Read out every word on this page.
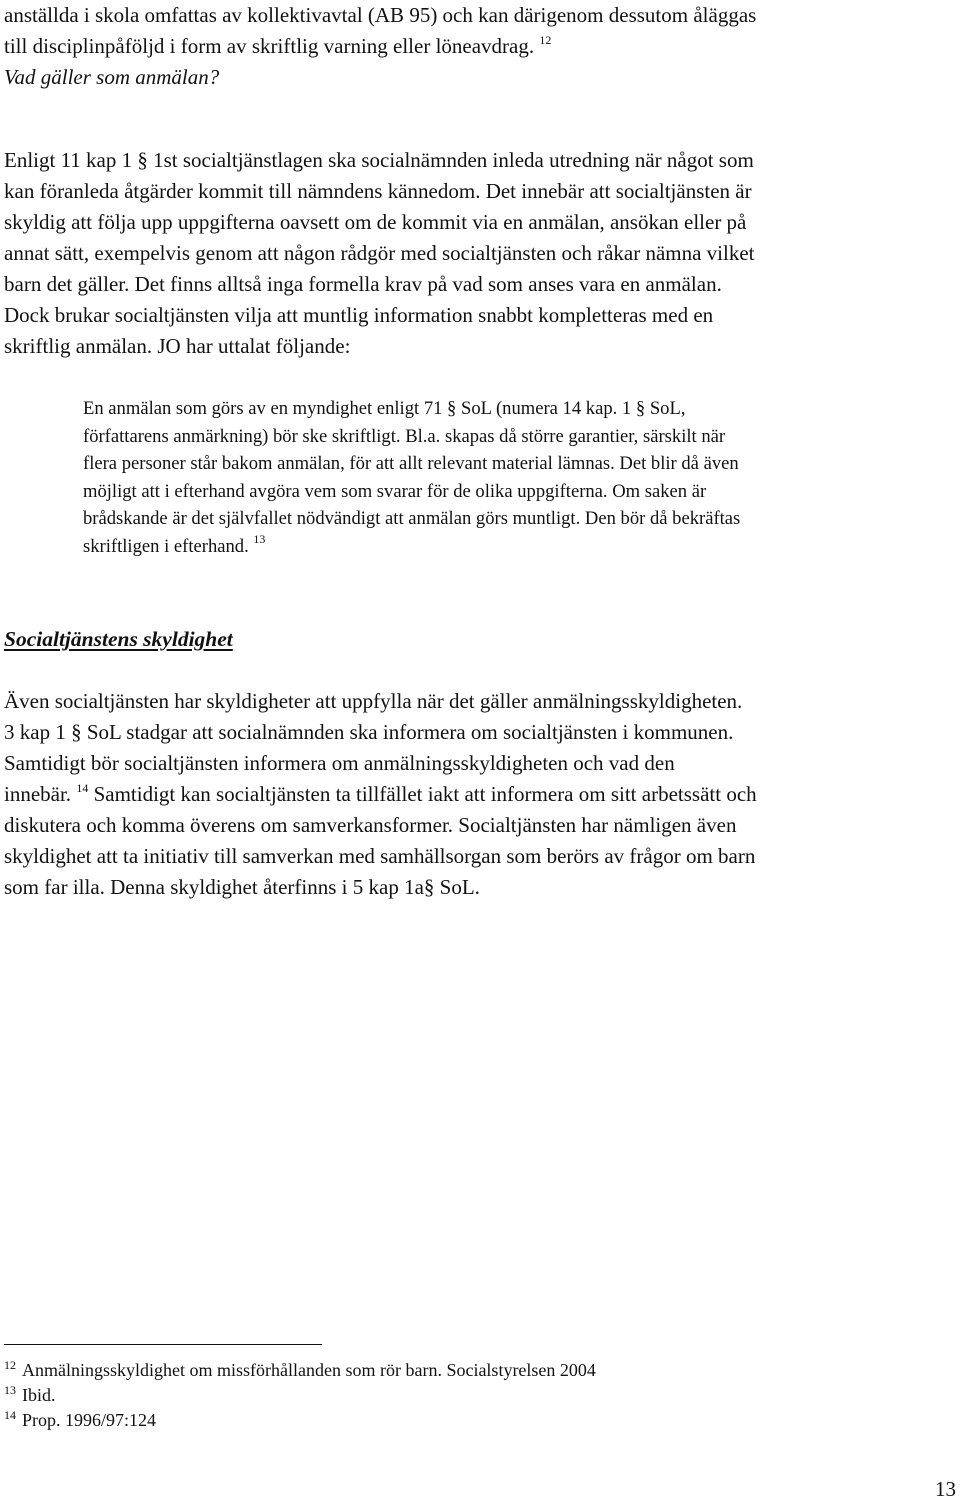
anställda i skola omfattas av kollektivavtal (AB 95) och kan därigenom dessutom åläggas
till disciplinpåföljd i form av skriftlig varning eller löneavdrag. $^{12}$

Vad gäller som anmälan?

Enligt 11 kap 1 § 1st socialtjänstlagen ska socialnämnden inleda utredning när något som
kan föranleda åtgärder kommit till nämndens kännedom. Det innebär att socialtjänsten är
skyldig att följa upp uppgifterna oavsett om de kommit via en anmälan, ansökan eller på
annat sätt, exempelvis genom att någon rådgör med socialtjänsten och råkar nämna vilket
barn det gäller. Det finns alltså inga formella krav på vad som anses vara en anmälan.
Dock brukar socialtjänsten vilja att muntlig information snabbt kompletteras med en
skriftlig anmälan. JO har uttalat följande:

En anmälan som görs av en myndighet enligt 71 § SoL (numera 14 kap. 1 § SoL,
författarens anmärkning) bör ske skriftligt. Bl.a. skapas då större garantier, särskilt när
flera personer står bakom anmälan, för att allt relevant material lämnas. Det blir då även
möjligt att i efterhand avgöra vem som svarar för de olika uppgifterna. Om saken är
brådskande är det självfallet nödvändigt att anmälan görs muntligt. Den bör då bekräftas
skriftligen i efterhand. $^{13}$

Socialtjänstens skyldighet

Även socialtjänsten har skyldigheter att uppfylla när det gäller anmälningsskyldigheten.
3 kap 1 § SoL stadgar att socialnämnden ska informera om socialtjänsten i kommunen.
Samtidigt bör socialtjänsten informera om anmälningsskyldigheten och vad den
innebär. $^{14}$ Samtidigt kan socialtjänsten ta tillfället iakt att informera om sitt arbetssätt och
diskutera och komma överens om samverkansformer. Socialtjänsten har nämligen även
skyldighet att ta initiativ till samverkan med samhällsorgan som berörs av frågor om barn
som far illa. Denna skyldighet återfinns i 5 kap 1a§ SoL.

$^{12}$ Anmälningsskyldighet om missförhållanden som rör barn. Socialstyrelsen 2004
$^{13}$ Ibid.
$^{14}$ Prop. 1996/97:124
13
